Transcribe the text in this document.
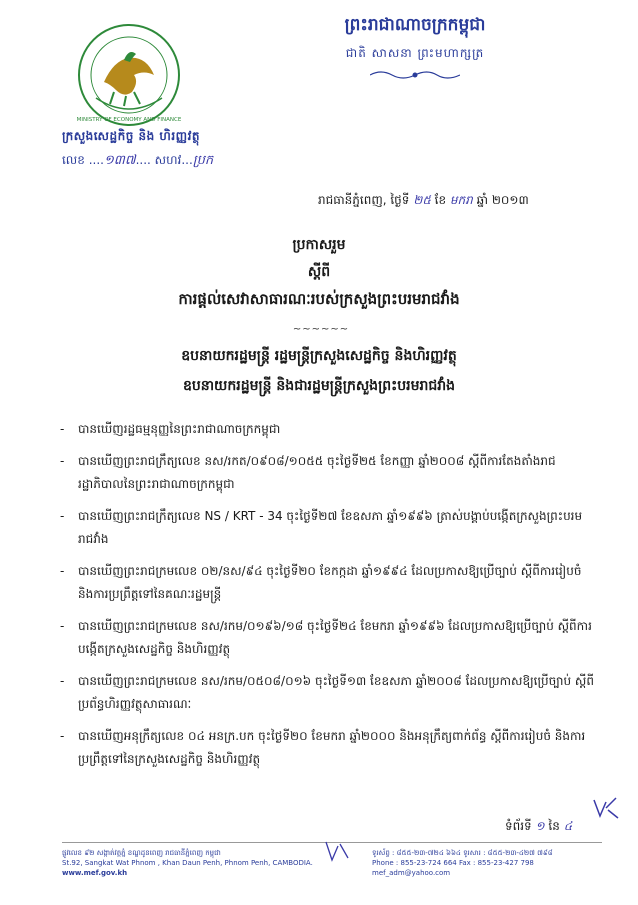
MINISTRY OF ECONOMY AND FINANCE
ក្រសួងសេដ្ឋកិច្ច និង ហិរញ្ញវត្ថុ
លេខ ....១៣៧.... សហវ...ប្រក
ព្រះរាជាណាចក្រកម្ពុជា
ជាតិ សាសនា ព្រះមហាក្សត្រ
រាជធានីភ្នំពេញ, ថ្ងៃទី ២៥ ខែ មករា ឆ្នាំ ២០១៣
ប្រកាសរួម
ស្តីពី
ការផ្តល់សេវាសាធារណៈរបស់ក្រសួងព្រះបរមរាជវាំង
~~~~~~
ឧបនាយករដ្ឋមន្ត្រី រដ្ឋមន្ត្រីក្រសួងសេដ្ឋកិច្ច និងហិរញ្ញវត្ថុ
ឧបនាយករដ្ឋមន្ត្រី និងជារដ្ឋមន្ត្រីក្រសួងព្រះបរមរាជវាំង
- បានឃើញរដ្ឋធម្មនុញ្ញនៃព្រះរាជាណាចក្រកម្ពុជា
- បានឃើញព្រះរាជក្រឹត្យលេខ នស/រកត/០៩០៨/១០៥៥ ចុះថ្ងៃទី២៥ ខែកញ្ញា ឆ្នាំ២០០៨ ស្តីពីការតែងតាំងរាជរដ្ឋាភិបាលនៃព្រះរាជាណាចក្រកម្ពុជា
- បានឃើញព្រះរាជក្រឹត្យលេខ NS / KRT - 34 ចុះថ្ងៃទី២៧ ខែឧសភា ឆ្នាំ១៩៩៦ ត្រាស់បង្គាប់បង្កើតក្រសួងព្រះបរមរាជវាំង
- បានឃើញព្រះរាជក្រមលេខ ០២/នស/៩៤ ចុះថ្ងៃទី២០ ខែកក្កដា ឆ្នាំ១៩៩៤ ដែលប្រកាសឱ្យប្រើច្បាប់ ស្តីពីការរៀបចំ និងការប្រព្រឹត្តទៅនៃគណៈរដ្ឋមន្ត្រី
- បានឃើញព្រះរាជក្រមលេខ នស/រកម/០១៩៦/១៨ ចុះថ្ងៃទី២៤ ខែមករា ឆ្នាំ១៩៩៦ ដែលប្រកាសឱ្យប្រើច្បាប់ ស្តីពីការបង្កើតក្រសួងសេដ្ឋកិច្ច និងហិរញ្ញវត្ថុ
- បានឃើញព្រះរាជក្រមលេខ នស/រកម/០៥០៨/០១៦ ចុះថ្ងៃទី១៣ ខែឧសភា ឆ្នាំ២០០៨ ដែលប្រកាសឱ្យប្រើច្បាប់ ស្តីពីប្រព័ន្ធហិរញ្ញវត្ថុសាធារណៈ
- បានឃើញអនុក្រឹត្យលេខ ០៤ អនក្រ.បក ចុះថ្ងៃទី២០ ខែមករា ឆ្នាំ២០០០ និងអនុក្រឹត្យពាក់ព័ន្ធ ស្តីពីការរៀបចំ និងការប្រព្រឹត្តទៅនៃក្រសួងសេដ្ឋកិច្ច និងហិរញ្ញវត្ថុ
ទំព័រទី ១ នៃ ៤
ផ្លូវលេខ ៩២ សង្កាត់វត្តភ្នំ ខណ្ឌដូនពេញ រាជធានីភ្នំពេញ កម្ពុជា
St.92, Sangkat Wat Phnom , Khan Daun Penh, Phnom Penh, CAMBODIA.
www.mef.gov.kh
ទូរស័ព្ទ : ៨៥៥-២៣-៧២៤ ៦៦៤ ទូរសារ : ៨៥៥-២៣-៤២៧ ៧៩៨
Phone : 855-23-724 664 Fax : 855-23-427 798
mef_adm@yahoo.com
